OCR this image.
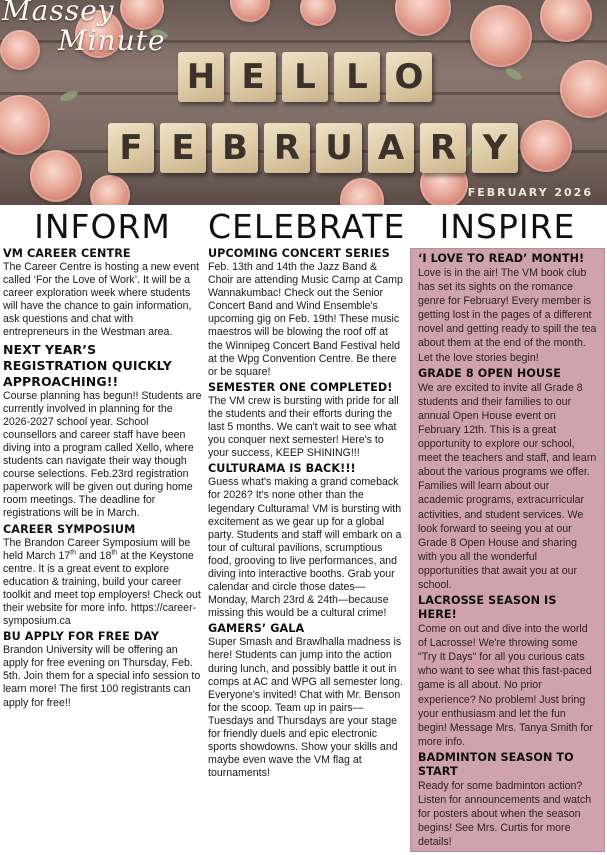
H E L L O
F E B R U A R Y
Massey
Minute
FEBRUARY 2026
INFORM
VM CAREER CENTRE

The Career Centre is hosting a new event called ‘For the Love of Work’. It will be a career exploration week where students will have the chance to gain information, ask questions and chat with entrepreneurs in the Westman area.

NEXT YEAR’S REGISTRATION QUICKLY APPROACHING!!

Course planning has begun!! Students are currently involved in planning for the 2026-2027 school year. School counsellors and career staff have been diving into a program called Xello, where students can navigate their way though course selections. Feb.23rd registration paperwork will be given out during home room meetings. The deadline for registrations will be in March.

CAREER SYMPOSIUM

The Brandon Career Symposium will be held March 17th and 18th at the Keystone centre. It is a great event to explore education & training, build your career toolkit and meet top employers! Check out their website for more info. https://career-symposium.ca

BU APPLY FOR FREE DAY

Brandon University will be offering an apply for free evening on Thursday, Feb. 5th. Join them for a special info session to learn more! The first 100 registrants can apply for free!!

CELEBRATE
UPCOMING CONCERT SERIES

Feb. 13th and 14th the Jazz Band & Choir are attending Music Camp at Camp Wannakumbac! Check out the Senior Concert Band and Wind Ensemble's upcoming gig on Feb. 19th! These music maestros will be blowing the roof off at the Winnipeg Concert Band Festival held at the Wpg Convention Centre. Be there or be square!

SEMESTER ONE COMPLETED!

The VM crew is bursting with pride for all the students and their efforts during the last 5 months. We can't wait to see what you conquer next semester! Here's to your success, KEEP SHINING!!!

CULTURAMA IS BACK!!!

Guess what's making a grand comeback for 2026? It's none other than the legendary Culturama! VM is bursting with excitement as we gear up for a global party. Students and staff will embark on a tour of cultural pavilions, scrumptious food, grooving to live performances, and diving into interactive booths. Grab your calendar and circle those dates—Monday, March 23rd & 24th—because missing this would be a cultural crime!

GAMERS’ GALA

Super Smash and Brawlhalla madness is here! Students can jump into the action during lunch, and possibly battle it out in comps at AC and WPG all semester long. Everyone's invited! Chat with Mr. Benson for the scoop. Team up in pairs—Tuesdays and Thursdays are your stage for friendly duels and epic electronic sports showdowns. Show your skills and maybe even wave the VM flag at tournaments!

INSPIRE
‘I LOVE TO READ’ MONTH!

Love is in the air! The VM book club has set its sights on the romance genre for February! Every member is getting lost in the pages of a different novel and getting ready to spill the tea about them at the end of the month. Let the love stories begin!

GRADE 8 OPEN HOUSE

We are excited to invite all Grade 8 students and their families to our annual Open House event on February 12th. This is a great opportunity to explore our school, meet the teachers and staff, and learn about the various programs we offer. Families will learn about our academic programs, extracurricular activities, and student services. We look forward to seeing you at our Grade 8 Open House and sharing with you all the wonderful opportunities that await you at our school.

LACROSSE SEASON IS HERE!

Come on out and dive into the world of Lacrosse! We're throwing some "Try It Days" for all you curious cats who want to see what this fast-paced game is all about. No prior experience? No problem! Just bring your enthusiasm and let the fun begin! Message Mrs. Tanya Smith for more info.

BADMINTON SEASON TO START

Ready for some badminton action? Listen for announcements and watch for posters about when the season begins! See Mrs. Curtis for more details!
